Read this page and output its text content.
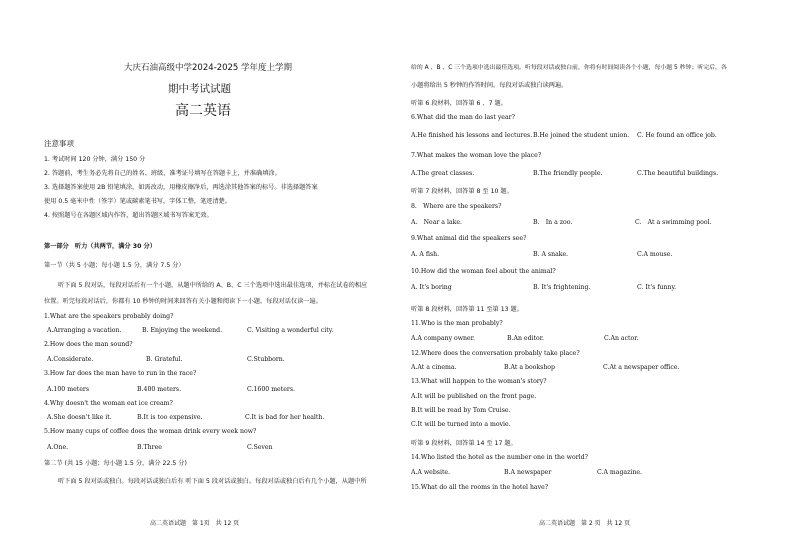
大庆石油高级中学2024-2025 学年度上学期
期中考试试题
高二英语
注意事项
1. 考试时间 120 分钟，满分 150 分
2. 答题前，考生务必先将自己的姓名、班级、准考证号填写在答题卡上，并准确填涂。
3. 选择题答案使用 2B 铅笔填涂，如需改动，用橡皮擦净后，再选涂其他答案的标号。非选择题答案
使用 0.5 毫米中性（签字）笔或碳素笔书写，字体工整，笔迹清楚。
4. 按照题号在各题区域内作答，超出答题区域书写答案无效。
第一部分　听力（共两节，满分 30 分）
第一节（共 5 小题；每小题 1.5 分，满分 7.5 分）
听下面 5 段对话，每段对话后有一个小题，从题中所给的 A、B、C 三个选项中选出最佳选项，并标在试卷的相应
位置。听完每段对话后，你都有 10 秒钟的时间来回答有关小题和阅读下一小题。每段对话仅读一遍。
1.What are the speakers probably doing?
A.Arranging a vacation.	B. Enjoying the weekend.	C. Visiting a wonderful city.
2.How does the man sound?
A.Considerate.	B. Grateful.	C.Stubborn.
3.How far does the man have to run in the race?
A.100 meters	B.400 meters.	C.1600 meters.
4.Why doesn't the woman eat ice cream?
A.She doesn't like it.	B.It is too expensive.	C.It is bad for her health.
5.How many cups of coffee does the woman drink every week now?
A.One.	B.Three	C.Seven
第二节 (共 15 小题；每小题 1.5 分，满分 22.5 分)
听下面 5 段对话或独白。每段对话或独白后有 听下面 5 段对话或独白。每段对话或独白后有几个小题，从题中所
高二英语试题　第 1页　共 12 页
给的 A 、B 、C 三个选项中选出最佳选项。听每段对话或独白前，你将有时间阅读各个小题，每小题 5 秒钟；听完后，各
小题将给出 5 秒钟的作答时间。每段对话或独白读两遍。
听第 6 段材料，回答第 6 、7 题。
6.What did the man do last year?
A.He finished his lessons and lectures. B.He joined the student union. C. He found an office job.
7.What makes the woman love the place?
A.The great classes.	B.The friendly people.	C.The beautiful buildings.
听第 7 段材料，回答第 8 至 10 题。
8.　Where are the speakers?
A.　Near a lake.	B.　In a zoo.	C.　At a swimming pool.
9.What animal did the speakers see?
A. A fish.	B. A snake.	C.A mouse.
10.How did the woman feel about the animal?
A. It's boring	B. It's frightening.	C. It's funny.
听第 8 段材料，回答第 11 至第 13 题。
11.Who is the man probably?
A.A company owner.	B.An editor.	C.An actor.
12.Where does the conversation probably take place?
A.At a cinema.	B.At a bookshop	C.At a newspaper office.
13.What will happen to the woman's story?
A.It will be published on the front page.
B.It will be read by Tom Cruise.
C.It will be turned into a movie.
听第 9 段材料，回答第 14 至 17 题。
14.Who listed the hotel as the number one in the world?
A.A website.	B.A newspaper	C.A magazine.
15.What do all the rooms in the hotel have?
高二英语试题　第 2 页　共 12 页
